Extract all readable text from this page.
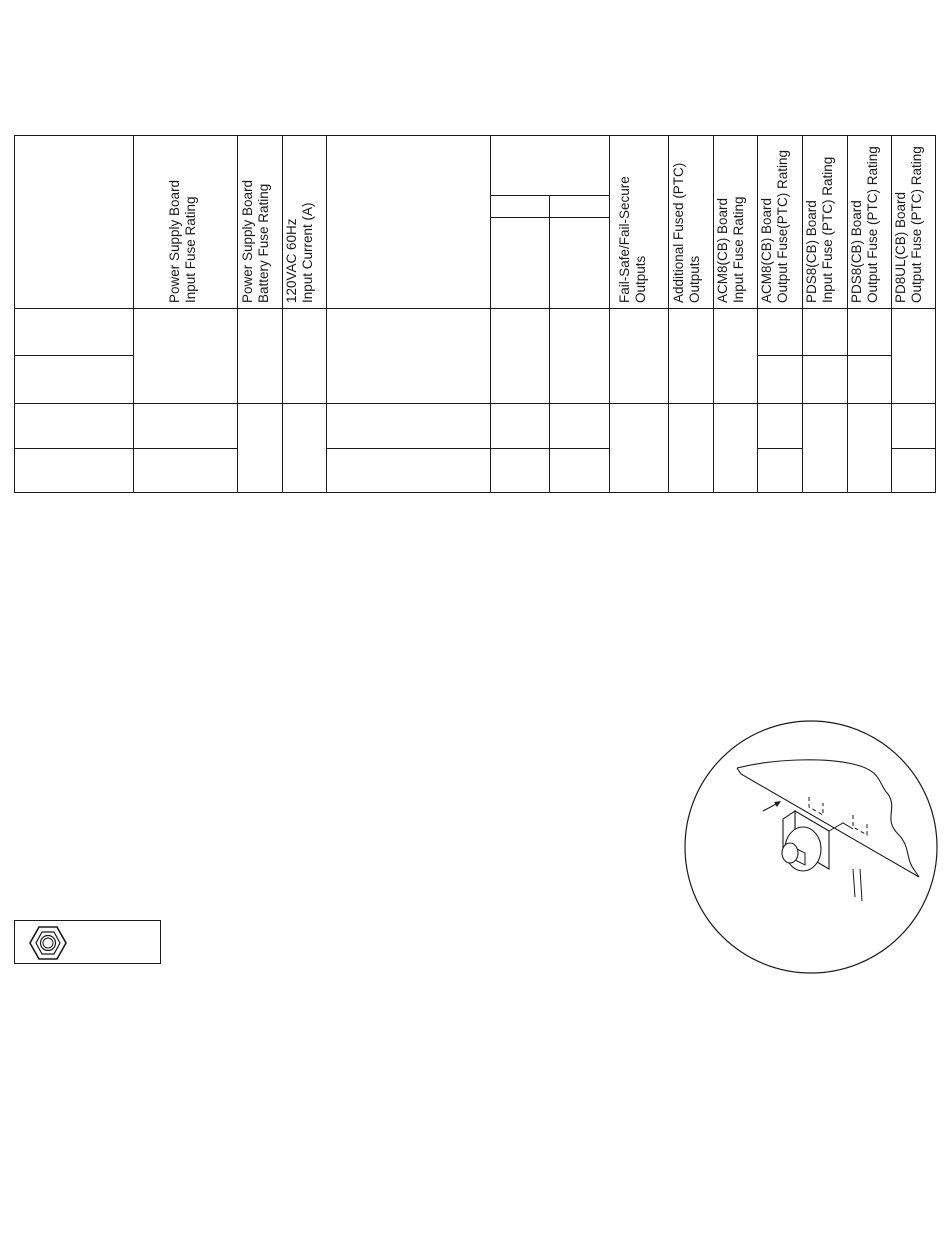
Power Supply Board Input Fuse Rating	Power Supply Board Battery Fuse Rating 120VAC 60Hz Input Current (A)	Fail-Safe/Fail-Secure Outputs Additional Fused (PTC) Outputs ACM8(CB) Board Input Fuse Rating ACM8(CB) Board Output Fuse(PTC) Rating PDS8(CB) Board Input Fuse (PTC) Rating PDS8(CB) Board Output Fuse (PTC) Rating PD8UL(CB) Board Output Fuse (PTC) Rating
